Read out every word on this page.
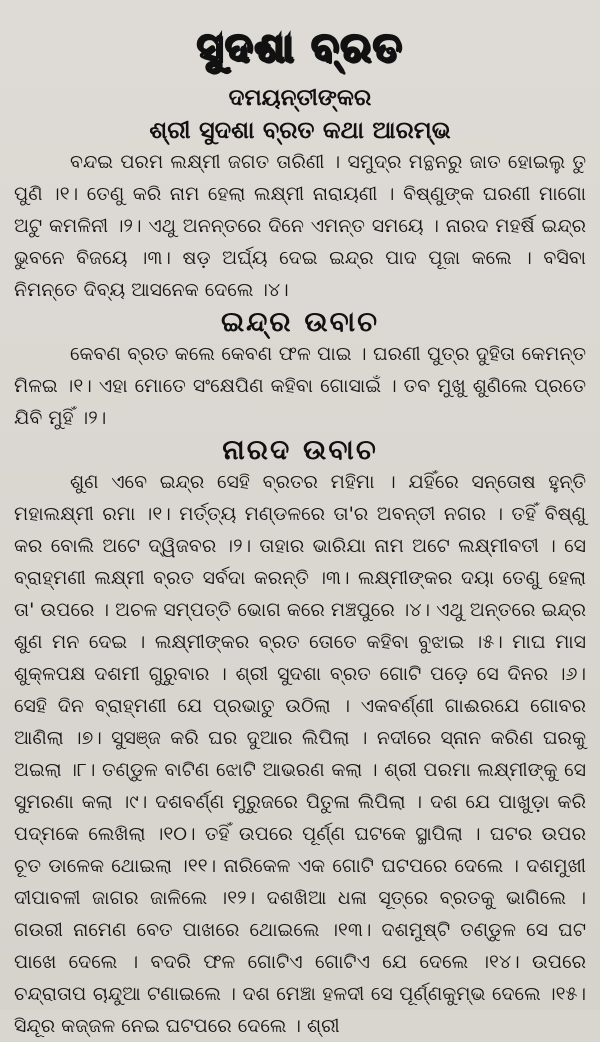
ସୁଦଶା ବ୍ରତ
ଦମୟନ୍ତୀଙ୍କର
ଶ୍ରୀ ସୁଦଶା ବ୍ରତ କଥା ଆରମ୍ଭ

ବନ୍ଦଇ ପରମ ଲକ୍ଷ୍ମୀ ଜଗତ ତାରିଣୀ । ସମୁଦ୍ର ମନ୍ଥନରୁ ଜାତ ହୋଇଲୁ ତୁ ପୁଣି ।୧। ତେଣୁ କରି ନାମ ହେଲା ଲକ୍ଷ୍ମୀ ନାରାୟଣୀ । ବିଷ୍ଣୁଙ୍କ ଘରଣୀ ମାଗୋ ଅଟୁ କମଳିନୀ ।୨। ଏଥୁ ଅନନ୍ତରେ ଦିନେ ଏମନ୍ତ ସମୟେ । ନାରଦ ମହର୍ଷି ଇନ୍ଦ୍ର ଭୁବନେ ବିଜୟେ ।୩। ଷଡ଼ ଅର୍ଘ୍ୟ ଦେଇ ଇନ୍ଦ୍ର ପାଦ ପୂଜା କଲେ । ବସିବା ନିମନ୍ତେ ଦିବ୍ୟ ଆସନେକ ଦେଲେ ।୪।

ଇନ୍ଦ୍ର ଉବାଚ

କେବଣ ବ୍ରତ କଲେ କେବଣ ଫଳ ପାଇ । ଘରଣୀ ପୁତ୍ର ଦୁହିତା କେମନ୍ତ ମିଳଇ ।୧। ଏହା ମୋତେ ସଂକ୍ଷେପିଣ କହିବା ଗୋସାଇଁ । ତବ ମୁଖୁ ଶୁଣିଲେ ପ୍ରତେ ଯିବି ମୁହିଁ ।୨।

ନାରଦ ଉବାଚ

ଶୁଣ ଏବେ ଇନ୍ଦ୍ର ସେହି ବ୍ରତର ମହିମା । ଯହିଁରେ ସନ୍ତୋଷ ହୁନ୍ତି ମହାଲକ୍ଷ୍ମୀ ରମା ।୧। ମର୍ତ୍ତ୍ୟ ମଣ୍ଡଳରେ ତା'ର ଅବନ୍ତୀ ନଗର । ତହିଁ ବିଷ୍ଣୁ କର ବୋଲି ଅଟେ ଦ୍ୱିଜବର ।୨। ତାହାର ଭାରିଯା ନାମ ଅଟେ ଲକ୍ଷ୍ମୀବତୀ । ସେ ବ୍ରାହ୍ମଣୀ ଲକ୍ଷ୍ମୀ ବ୍ରତ ସର୍ବଦା କରନ୍ତି ।୩। ଲକ୍ଷ୍ମୀଙ୍କର ଦୟା ତେଣୁ ହେଲା ତା' ଉପରେ । ଅଚଳ ସମ୍ପତ୍ତି ଭୋଗ କରେ ମଞ୍ଚପୁରେ ।୪। ଏଥୁ ଅନ୍ତରେ ଇନ୍ଦ୍ର ଶୁଣ ମନ ଦେଇ । ଲକ୍ଷ୍ମୀଙ୍କର ବ୍ରତ ତୋତେ କହିବା ବୁଝାଇ ।୫। ମାଘ ମାସ ଶୁକ୍ଳପକ୍ଷ ଦଶମୀ ଗୁରୁବାର । ଶ୍ରୀ ସୁଦଶା ବ୍ରତ ଗୋଟି ପଡ଼େ ସେ ଦିନର ।୬। ସେହି ଦିନ ବ୍ରାହ୍ମଣୀ ଯେ ପ୍ରଭାତୁ ଉଠିଲା । ଏକବର୍ଣ୍ଣୀ ଗାଈରଯେ ଗୋବର ଆଣିଲା ।୭। ସୁସଞ୍ଜ କରି ଘର ଦୁଆର ଲିପିଲା । ନଦୀରେ ସ୍ନାନ କରିଣ ଘରକୁ ଅଇଲା ।୮। ତଣ୍ଡୁଳ ବାଟିଣ ଝୋଟି ଆଭରଣ କଲା । ଶ୍ରୀ ପରମା ଲକ୍ଷ୍ମୀଙ୍କୁ ସେ ସୁମରଣା କଲା ।୯। ଦଶବର୍ଣ୍ଣ ମୁରୁଜରେ ପିତୁଳା ଲିପିଲା । ଦଶ ଯେ ପାଖୁଡ଼ା କରି ପଦ୍ମକେ ଲେଖିଲା ।୧୦। ତହିଁ ଉପରେ ପୂର୍ଣ୍ଣ ଘଟକେ ସ୍ଥାପିଲା । ଘଟର ଉପର ଚୂତ ଡାଳେକ ଥୋଇଲା ।୧୧। ନାରିକେଳ ଏକ ଗୋଟି ଘଟପରେ ଦେଲେ । ଦଶମୁଖୀ ଦୀପାବଳୀ ଜାଗର ଜାଳିଲେ ।୧୨। ଦଶଖିଆ ଧଳା ସୂତ୍ରେ ବ୍ରତକୁ ଭାଗିଲେ । ଗଉରୀ ନାମେଣ ବେତ ପାଖରେ ଥୋଇଲେ ।୧୩। ଦଶମୁଷ୍ଟି ତଣ୍ଡୁଳ ସେ ଘଟ ପାଖେ ଦେଲେ । ବଦରି ଫଳ ଗୋଟିଏ ଗୋଟିଏ ଯେ ଦେଲେ ।୧୪। ଉପରେ ଚନ୍ଦ୍ରାତାପ ଚାନ୍ଦୁଆ ଟଣାଇଲେ । ଦଶ ମେଞ୍ଚା ହଳଦୀ ସେ ପୂର୍ଣ୍ଣକୁମ୍ଭ ଦେଲେ ।୧୫। ସିନ୍ଦୂର କଜ୍ଜଳ ନେଇ ଘଟପରେ ଦେଲେ । ଶ୍ରୀ
